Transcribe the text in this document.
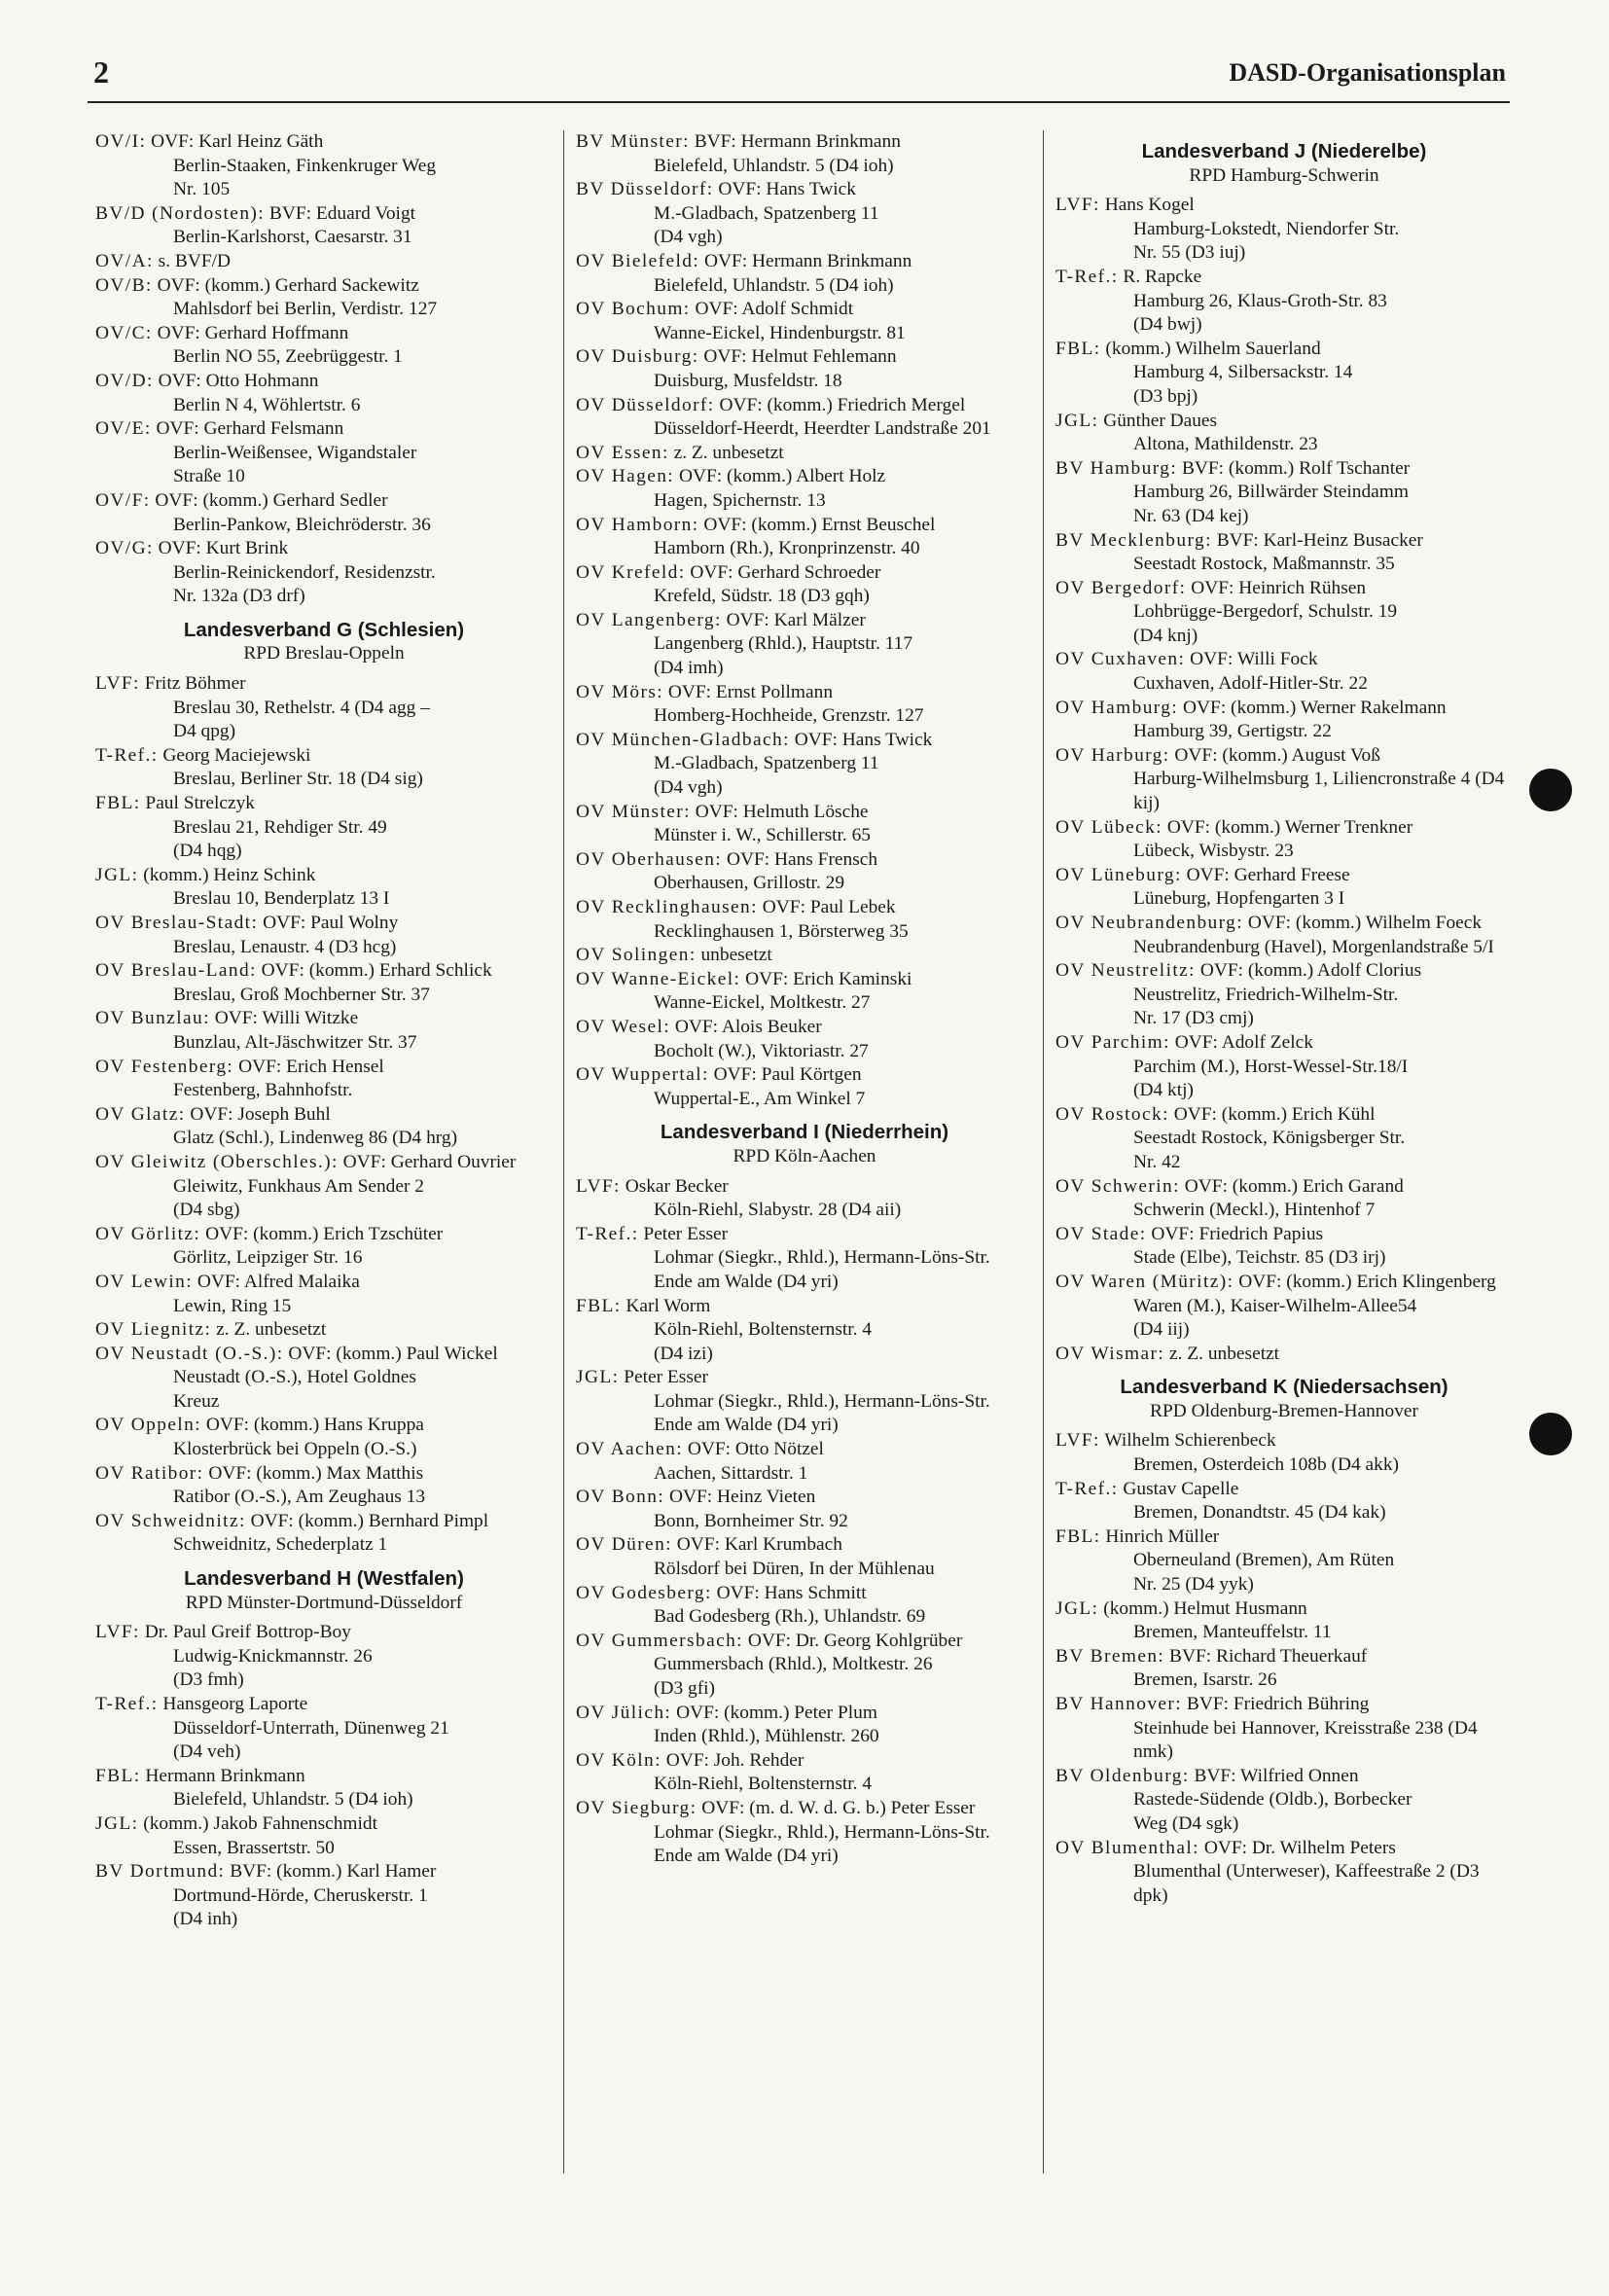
2	DASD-Organisationsplan
OV/I: OVF: Karl Heinz Gäth
Berlin-Staaken, Finkenkruger Weg
Nr. 105
BV/D (Nordosten): BVF: Eduard Voigt
Berlin-Karlshorst, Caesarstr. 31
OV/A: s. BVF/D
OV/B: OVF: (komm.) Gerhard Sackewitz
Mahlsdorf bei Berlin, Verdistr. 127
OV/C: OVF: Gerhard Hoffmann
Berlin NO 55, Zeebrüggestr. 1
OV/D: OVF: Otto Hohmann
Berlin N 4, Wöhlertstr. 6
OV/E: OVF: Gerhard Felsmann
Berlin-Weißensee, Wigandstaler
Straße 10
OV/F: OVF: (komm.) Gerhard Sedler
Berlin-Pankow, Bleichröderstr. 36
OV/G: OVF: Kurt Brink
Berlin-Reinickendorf, Residenzstr.
Nr. 132a (D3 drf)
Landesverband G (Schlesien)
RPD Breslau-Oppeln
LVF: Fritz Böhmer
Breslau 30, Rethelstr. 4 (D4 agg –
D4 qpg)
T-Ref.: Georg Maciejewski
Breslau, Berliner Str. 18 (D4 sig)
FBL: Paul Strelczyk
Breslau 21, Rehdiger Str. 49
(D4 hqg)
JGL: (komm.) Heinz Schink
Breslau 10, Benderplatz 13 I
OV Breslau-Stadt: OVF: Paul Wolny
Breslau, Lenaustr. 4 (D3 hcg)
OV Breslau-Land: OVF: (komm.) Erhard Schlick
Breslau, Groß Mochberner Str. 37
OV Bunzlau: OVF: Willi Witzke
Bunzlau, Alt-Jäschwitzer Str. 37
OV Festenberg: OVF: Erich Hensel
Festenberg, Bahnhofstr.
OV Glatz: OVF: Joseph Buhl
Glatz (Schl.), Lindenweg 86 (D4 hrg)
OV Gleiwitz (Oberschles.): OVF: Gerhard Ouvrier
Gleiwitz, Funkhaus Am Sender 2
(D4 sbg)
OV Görlitz: OVF: (komm.) Erich Tzschüter
Görlitz, Leipziger Str. 16
OV Lewin: OVF: Alfred Malaika
Lewin, Ring 15
OV Liegnitz: z. Z. unbesetzt
OV Neustadt (O.-S.): OVF: (komm.) Paul Wickel
Neustadt (O.-S.), Hotel Goldnes
Kreuz
OV Oppeln: OVF: (komm.) Hans Kruppa
Klosterbrück bei Oppeln (O.-S.)
OV Ratibor: OVF: (komm.) Max Matthis
Ratibor (O.-S.), Am Zeughaus 13
OV Schweidnitz: OVF: (komm.) Bernhard Pimpl
Schweidnitz, Schederplatz 1
Landesverband H (Westfalen)
RPD Münster-Dortmund-Düsseldorf
LVF: Dr. Paul Greif Bottrop-Boy
Ludwig-Knickmannstr. 26
(D3 fmh)
T-Ref.: Hansgeorg Laporte
Düsseldorf-Unterrath, Dünenweg 21
(D4 veh)
FBL: Hermann Brinkmann
Bielefeld, Uhlandstr. 5 (D4 ioh)
JGL: (komm.) Jakob Fahnenschmidt
Essen, Brassertstr. 50
BV Dortmund: BVF: (komm.) Karl Hamer
Dortmund-Hörde, Cheruskerstr. 1
(D4 inh)
BV Münster: BVF: Hermann Brinkmann
Bielefeld, Uhlandstr. 5 (D4 ioh)
BV Düsseldorf: OVF: Hans Twick
M.-Gladbach, Spatzenberg 11
(D4 vgh)
OV Bielefeld: OVF: Hermann Brinkmann
Bielefeld, Uhlandstr. 5 (D4 ioh)
OV Bochum: OVF: Adolf Schmidt
Wanne-Eickel, Hindenburgstr. 81
OV Duisburg: OVF: Helmut Fehlemann
Duisburg, Musfeldstr. 18
OV Düsseldorf: OVF: (komm.) Friedrich Mergel
Düsseldorf-Heerdt, Heerdter Landstraße 201
OV Essen: z. Z. unbesetzt
OV Hagen: OVF: (komm.) Albert Holz
Hagen, Spichernstr. 13
OV Hamborn: OVF: (komm.) Ernst Beuschel
Hamborn (Rh.), Kronprinzenstr. 40
OV Krefeld: OVF: Gerhard Schroeder
Krefeld, Südstr. 18 (D3 gqh)
OV Langenberg: OVF: Karl Mälzer
Langenberg (Rhld.), Hauptstr. 117
(D4 imh)
OV Mörs: OVF: Ernst Pollmann
Homberg-Hochheide, Grenzstr. 127
OV München-Gladbach: OVF: Hans Twick
M.-Gladbach, Spatzenberg 11
(D4 vgh)
OV Münster: OVF: Helmuth Lösche
Münster i. W., Schillerstr. 65
OV Oberhausen: OVF: Hans Frensch
Oberhausen, Grillostr. 29
OV Recklinghausen: OVF: Paul Lebek
Recklinghausen 1, Börsterweg 35
OV Solingen: unbesetzt
OV Wanne-Eickel: OVF: Erich Kaminski
Wanne-Eickel, Moltkestr. 27
OV Wesel: OVF: Alois Beuker
Bocholt (W.), Viktoriastr. 27
OV Wuppertal: OVF: Paul Körtgen
Wuppertal-E., Am Winkel 7
Landesverband I (Niederrhein)
RPD Köln-Aachen
LVF: Oskar Becker
Köln-Riehl, Slabystr. 28 (D4 aii)
T-Ref.: Peter Esser
Lohmar (Siegkr., Rhld.), Hermann-Löns-Str. Ende am Walde (D4 yri)
FBL: Karl Worm
Köln-Riehl, Boltensternstr. 4
(D4 izi)
JGL: Peter Esser
Lohmar (Siegkr., Rhld.), Hermann-Löns-Str. Ende am Walde (D4 yri)
OV Aachen: OVF: Otto Nötzel
Aachen, Sittardstr. 1
OV Bonn: OVF: Heinz Vieten
Bonn, Bornheimer Str. 92
OV Düren: OVF: Karl Krumbach
Rölsdorf bei Düren, In der Mühlenau
OV Godesberg: OVF: Hans Schmitt
Bad Godesberg (Rh.), Uhlandstr. 69
OV Gummersbach: OVF: Dr. Georg Kohlgrüber
Gummersbach (Rhld.), Moltkestr. 26
(D3 gfi)
OV Jülich: OVF: (komm.) Peter Plum
Inden (Rhld.), Mühlenstr. 260
OV Köln: OVF: Joh. Rehder
Köln-Riehl, Boltensternstr. 4
OV Siegburg: OVF: (m. d. W. d. G. b.) Peter Esser
Lohmar (Siegkr., Rhld.), Hermann-Löns-Str. Ende am Walde (D4 yri)
Landesverband J (Niederelbe)
RPD Hamburg-Schwerin
LVF: Hans Kogel
Hamburg-Lokstedt, Niendorfer Str.
Nr. 55 (D3 iuj)
T-Ref.: R. Rapcke
Hamburg 26, Klaus-Groth-Str. 83
(D4 bwj)
FBL: (komm.) Wilhelm Sauerland
Hamburg 4, Silbersackstr. 14
(D3 bpj)
JGL: Günther Daues
Altona, Mathildenstr. 23
BV Hamburg: BVF: (komm.) Rolf Tschanter
Hamburg 26, Billwärder Steindamm
Nr. 63 (D4 kej)
BV Mecklenburg: BVF: Karl-Heinz Busacker
Seestadt Rostock, Maßmannstr. 35
OV Bergedorf: OVF: Heinrich Rühsen
Lohbrügge-Bergedorf, Schulstr. 19
(D4 knj)
OV Cuxhaven: OVF: Willi Fock
Cuxhaven, Adolf-Hitler-Str. 22
OV Hamburg: OVF: (komm.) Werner Rakelmann
Hamburg 39, Gertigstr. 22
OV Harburg: OVF: (komm.) August Voß
Harburg-Wilhelmsburg 1, Liliencronstraße 4 (D4 kij)
OV Lübeck: OVF: (komm.) Werner Trenkner
Lübeck, Wisbystr. 23
OV Lüneburg: OVF: Gerhard Freese
Lüneburg, Hopfengarten 3 I
OV Neubrandenburg: OVF: (komm.) Wilhelm Foeck
Neubrandenburg (Havel), Morgenlandstraße 5/I
OV Neustrelitz: OVF: (komm.) Adolf Clorius
Neustrelitz, Friedrich-Wilhelm-Str.
Nr. 17 (D3 cmj)
OV Parchim: OVF: Adolf Zelck
Parchim (M.), Horst-Wessel-Str.18/I
(D4 ktj)
OV Rostock: OVF: (komm.) Erich Kühl
Seestadt Rostock, Königsberger Str.
Nr. 42
OV Schwerin: OVF: (komm.) Erich Garand
Schwerin (Meckl.), Hintenhof 7
OV Stade: OVF: Friedrich Papius
Stade (Elbe), Teichstr. 85 (D3 irj)
OV Waren (Müritz): OVF: (komm.) Erich Klingenberg
Waren (M.), Kaiser-Wilhelm-Allee54
(D4 iij)
OV Wismar: z. Z. unbesetzt
Landesverband K (Niedersachsen)
RPD Oldenburg-Bremen-Hannover
LVF: Wilhelm Schierenbeck
Bremen, Osterdeich 108b (D4 akk)
T-Ref.: Gustav Capelle
Bremen, Donandtstr. 45 (D4 kak)
FBL: Hinrich Müller
Oberneuland (Bremen), Am Rüten
Nr. 25 (D4 yyk)
JGL: (komm.) Helmut Husmann
Bremen, Manteuffelstr. 11
BV Bremen: BVF: Richard Theuerkauf
Bremen, Isarstr. 26
BV Hannover: BVF: Friedrich Bühring
Steinhude bei Hannover, Kreisstraße 238 (D4 nmk)
BV Oldenburg: BVF: Wilfried Onnen
Rastede-Südende (Oldb.), Borbecker
Weg (D4 sgk)
OV Blumenthal: OVF: Dr. Wilhelm Peters
Blumenthal (Unterweser), Kaffeestraße 2 (D3 dpk)
